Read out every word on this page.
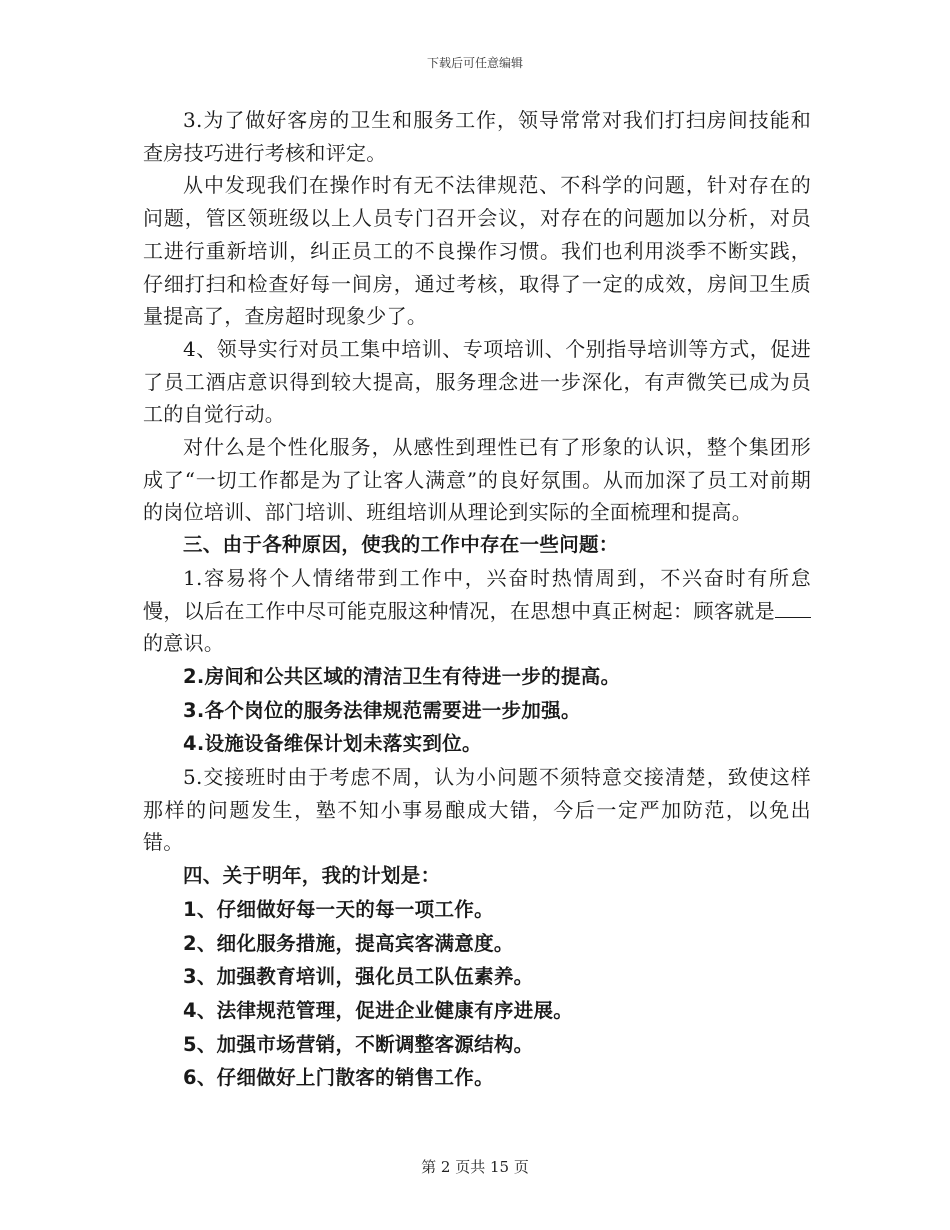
下载后可任意编辑

3.为了做好客房的卫生和服务工作，领导常常对我们打扫房间技能和查房技巧进行考核和评定。

从中发现我们在操作时有无不法律规范、不科学的问题，针对存在的问题，管区领班级以上人员专门召开会议，对存在的问题加以分析，对员工进行重新培训，纠正员工的不良操作习惯。我们也利用淡季不断实践，仔细打扫和检查好每一间房，通过考核，取得了一定的成效，房间卫生质量提高了，查房超时现象少了。

4、领导实行对员工集中培训、专项培训、个别指导培训等方式，促进了员工酒店意识得到较大提高，服务理念进一步深化，有声微笑已成为员工的自觉行动。

对什么是个性化服务，从感性到理性已有了形象的认识，整个集团形成了“一切工作都是为了让客人满意”的良好氛围。从而加深了员工对前期的岗位培训、部门培训、班组培训从理论到实际的全面梳理和提高。

三、由于各种原因，使我的工作中存在一些问题：

1.容易将个人情绪带到工作中，兴奋时热情周到，不兴奋时有所怠慢，以后在工作中尽可能克服这种情况，在思想中真正树起：顾客就是的意识。

2.房间和公共区域的清洁卫生有待进一步的提高。

3.各个岗位的服务法律规范需要进一步加强。

4.设施设备维保计划未落实到位。

5.交接班时由于考虑不周，认为小问题不须特意交接清楚，致使这样那样的问题发生，塾不知小事易酿成大错，今后一定严加防范，以免出错。

四、关于明年，我的计划是：

1、仔细做好每一天的每一项工作。

2、细化服务措施，提高宾客满意度。

3、加强教育培训，强化员工队伍素养。

4、法律规范管理，促进企业健康有序进展。

5、加强市场营销，不断调整客源结构。

6、仔细做好上门散客的销售工作。

第 2 页共 15 页
